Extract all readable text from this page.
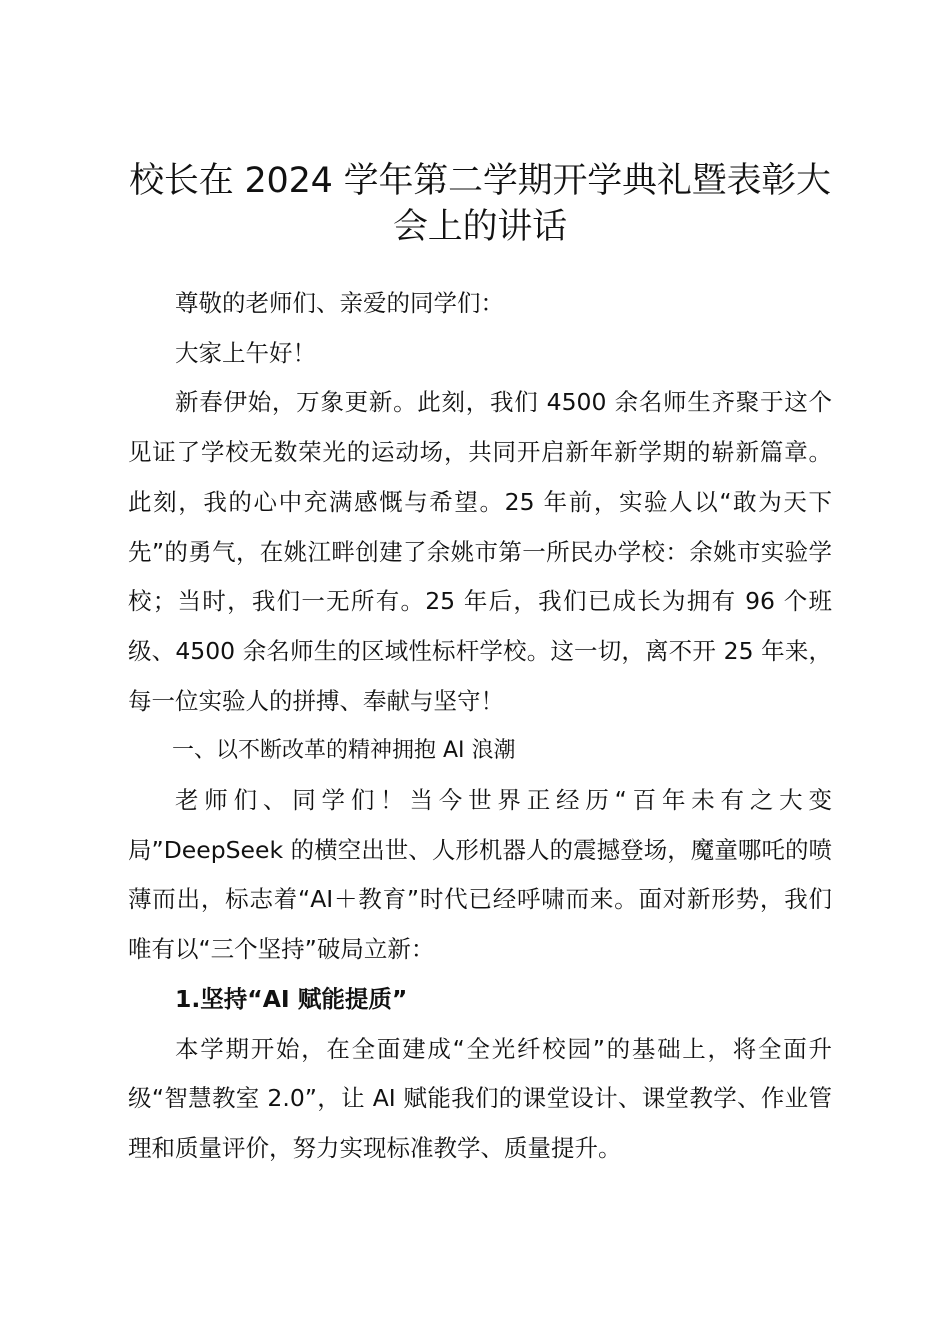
校长在 2024 学年第二学期开学典礼暨表彰大会上的讲话

尊敬的老师们、亲爱的同学们：

大家上午好！

新春伊始，万象更新。此刻，我们 4500 余名师生齐聚于这个见证了学校无数荣光的运动场，共同开启新年新学期的崭新篇章。此刻，我的心中充满感慨与希望。25 年前，实验人以“敢为天下先”的勇气，在姚江畔创建了余姚市第一所民办学校：余姚市实验学校；当时，我们一无所有。25 年后，我们已成长为拥有 96 个班级、4500 余名师生的区域性标杆学校。这一切，离不开 25 年来，每一位实验人的拼搏、奉献与坚守！

一、以不断改革的精神拥抱 AI 浪潮

老师们、同学们！当今世界正经历“百年未有之大变局”DeepSeek 的横空出世、人形机器人的震撼登场，魔童哪吒的喷薄而出，标志着“AI＋教育”时代已经呼啸而来。面对新形势，我们唯有以“三个坚持”破局立新：

1.坚持“AI 赋能提质”

本学期开始，在全面建成“全光纤校园”的基础上，将全面升级“智慧教室 2.0”，让 AI 赋能我们的课堂设计、课堂教学、作业管理和质量评价，努力实现标准教学、质量提升。
